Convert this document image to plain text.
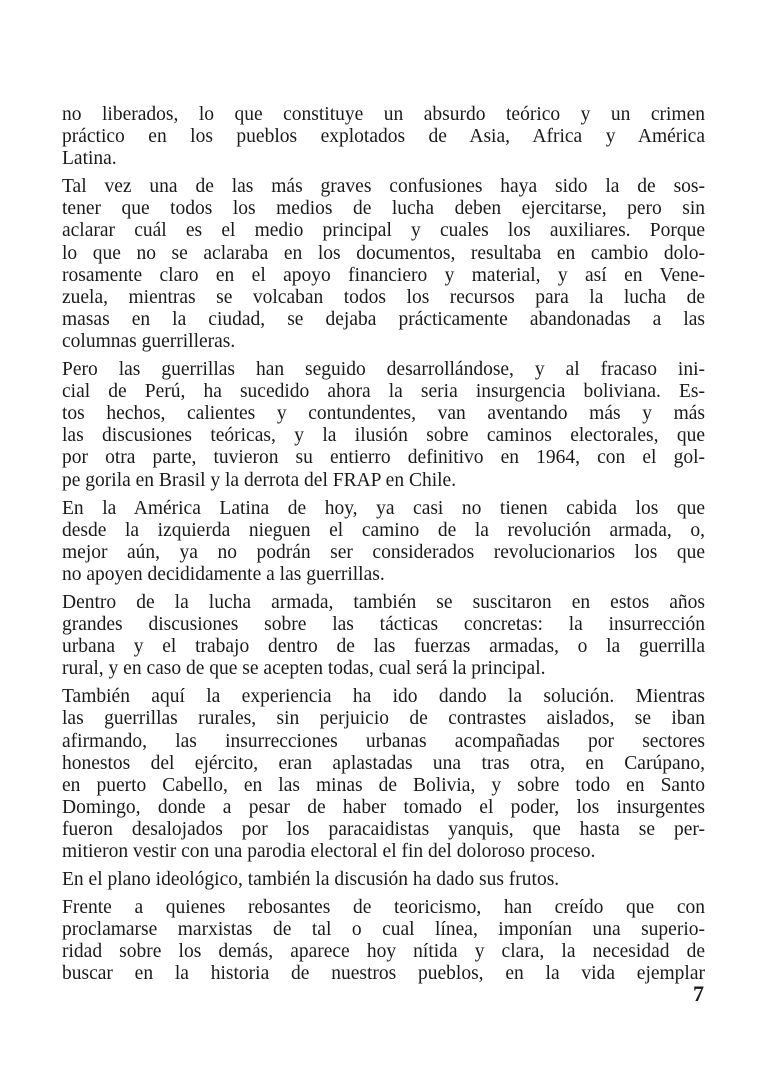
no liberados, lo que constituye un absurdo teórico y un crimen
práctico en los pueblos explotados de Asia, Africa y América
Latina.

Tal vez una de las más graves confusiones haya sido la de sos-
tener que todos los medios de lucha deben ejercitarse, pero sin
aclarar cuál es el medio principal y cuales los auxiliares. Porque
lo que no se aclaraba en los documentos, resultaba en cambio dolo-
rosamente claro en el apoyo financiero y material, y así en Vene-
zuela, mientras se volcaban todos los recursos para la lucha de
masas en la ciudad, se dejaba prácticamente abandonadas a las
columnas guerrilleras.

Pero las guerrillas han seguido desarrollándose, y al fracaso ini-
cial de Perú, ha sucedido ahora la seria insurgencia boliviana. Es-
tos hechos, calientes y contundentes, van aventando más y más
las discusiones teóricas, y la ilusión sobre caminos electorales, que
por otra parte, tuvieron su entierro definitivo en 1964, con el gol-
pe gorila en Brasil y la derrota del FRAP en Chile.

En la América Latina de hoy, ya casi no tienen cabida los que
desde la izquierda nieguen el camino de la revolución armada, o,
mejor aún, ya no podrán ser considerados revolucionarios los que
no apoyen decididamente a las guerrillas.

Dentro de la lucha armada, también se suscitaron en estos años
grandes discusiones sobre las tácticas concretas: la insurrección
urbana y el trabajo dentro de las fuerzas armadas, o la guerrilla
rural, y en caso de que se acepten todas, cual será la principal.

También aquí la experiencia ha ido dando la solución. Mientras
las guerrillas rurales, sin perjuicio de contrastes aislados, se iban
afirmando, las insurrecciones urbanas acompañadas por sectores
honestos del ejército, eran aplastadas una tras otra, en Carúpano,
en puerto Cabello, en las minas de Bolivia, y sobre todo en Santo
Domingo, donde a pesar de haber tomado el poder, los insurgentes
fueron desalojados por los paracaidistas yanquis, que hasta se per-
mitieron vestir con una parodia electoral el fin del doloroso proceso.

En el plano ideológico, también la discusión ha dado sus frutos.

Frente a quienes rebosantes de teoricismo, han creído que con
proclamarse marxistas de tal o cual línea, imponían una superio-
ridad sobre los demás, aparece hoy nítida y clara, la necesidad de
buscar en la historia de nuestros pueblos, en la vida ejemplar

7
